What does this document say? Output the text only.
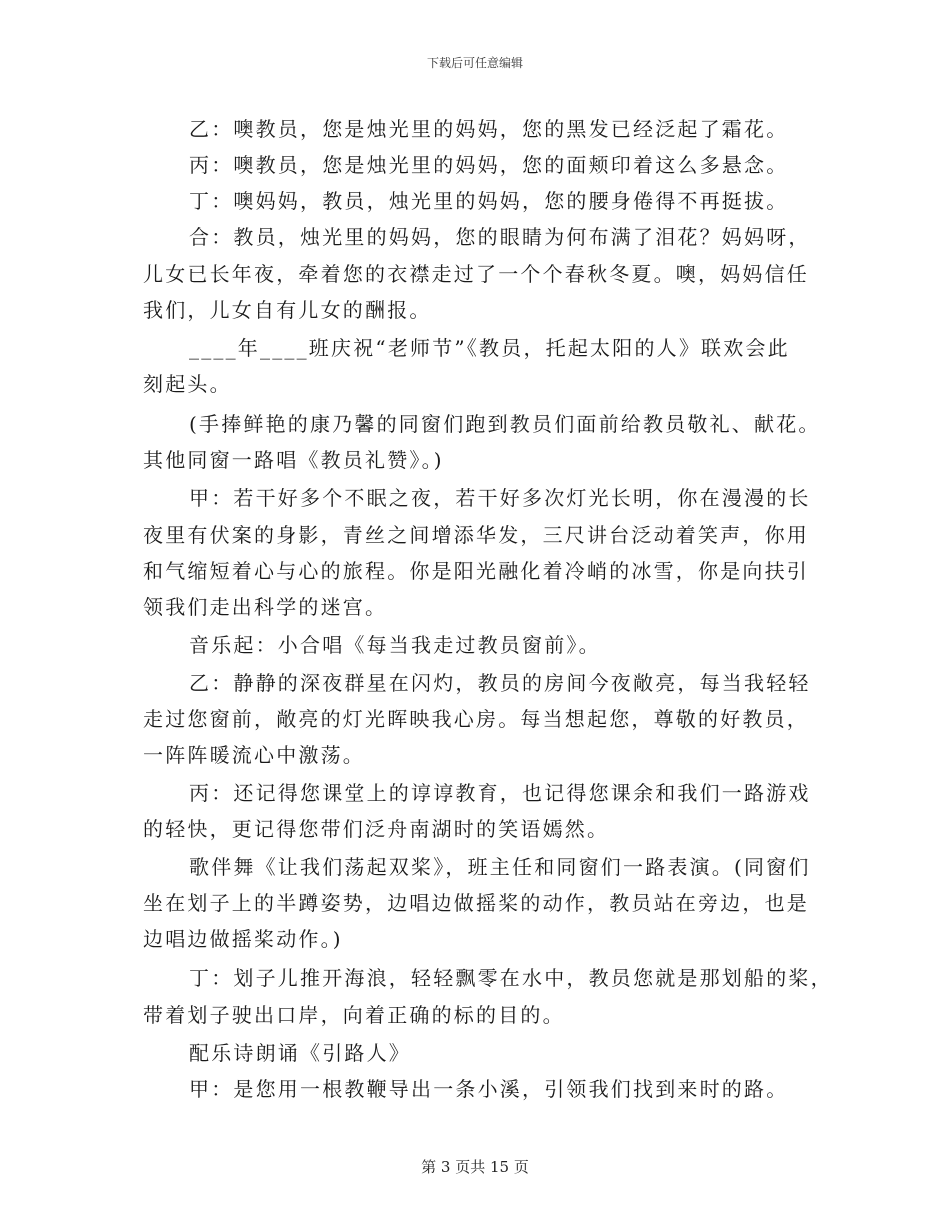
下载后可任意编辑
乙：噢教员，您是烛光里的妈妈，您的黑发已经泛起了霜花。
丙：噢教员，您是烛光里的妈妈，您的面颊印着这么多悬念。
丁：噢妈妈，教员，烛光里的妈妈，您的腰身倦得不再挺拔。
合：教员，烛光里的妈妈，您的眼睛为何布满了泪花？妈妈呀，
儿女已长年夜，牵着您的衣襟走过了一个个春秋冬夏。噢，妈妈信任
我们，儿女自有儿女的酬报。
____年____班庆祝“老师节”《教员，托起太阳的人》联欢会此
刻起头。
(手捧鲜艳的康乃馨的同窗们跑到教员们面前给教员敬礼、献花。
其他同窗一路唱《教员礼赞》。)
甲：若干好多个不眠之夜，若干好多次灯光长明，你在漫漫的长
夜里有伏案的身影，青丝之间增添华发，三尺讲台泛动着笑声，你用
和气缩短着心与心的旅程。你是阳光融化着冷峭的冰雪，你是向扶引
领我们走出科学的迷宫。
音乐起：小合唱《每当我走过教员窗前》。
乙：静静的深夜群星在闪灼，教员的房间今夜敞亮，每当我轻轻
走过您窗前，敞亮的灯光晖映我心房。每当想起您，尊敬的好教员，
一阵阵暖流心中激荡。
丙：还记得您课堂上的谆谆教育，也记得您课余和我们一路游戏
的轻快，更记得您带们泛舟南湖时的笑语嫣然。
歌伴舞《让我们荡起双桨》，班主任和同窗们一路表演。(同窗们
坐在划子上的半蹲姿势，边唱边做摇桨的动作，教员站在旁边，也是
边唱边做摇桨动作。)
丁：划子儿推开海浪，轻轻飘零在水中，教员您就是那划船的桨，
带着划子驶出口岸，向着正确的标的目的。
配乐诗朗诵《引路人》
甲：是您用一根教鞭导出一条小溪，引领我们找到来时的路。
第 3 页共 15 页
